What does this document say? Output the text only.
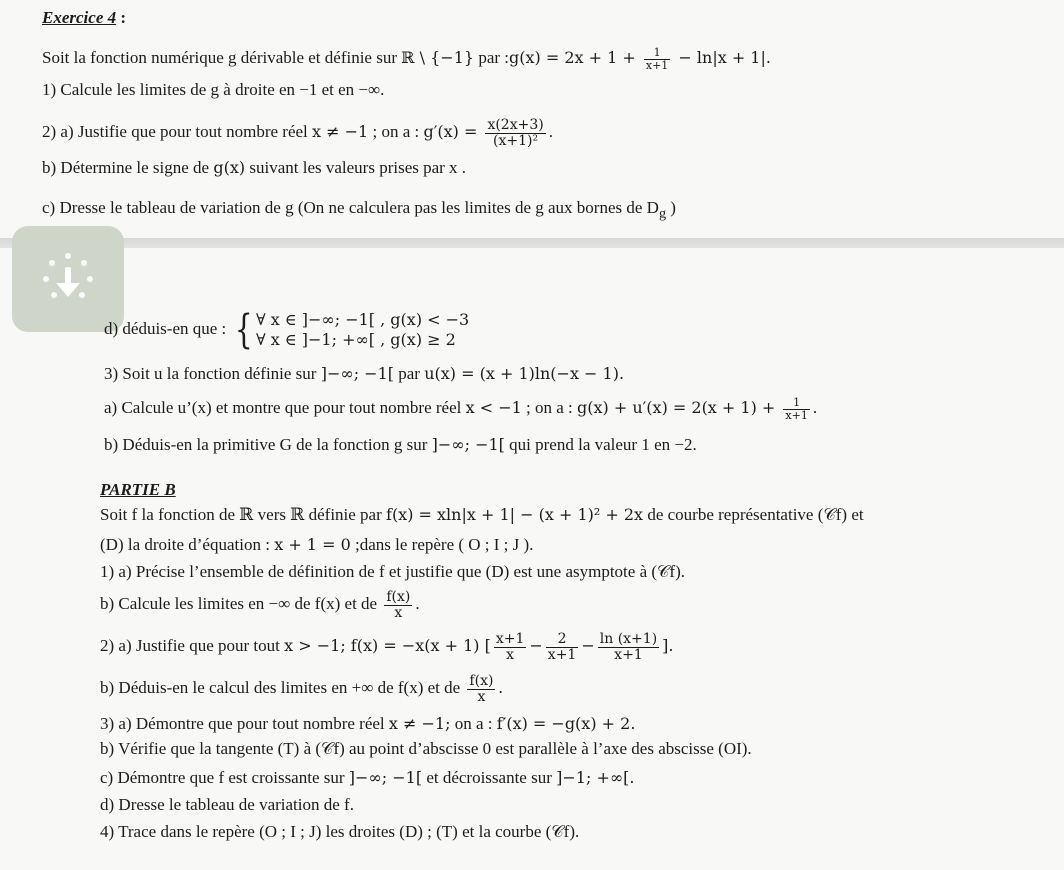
Exercice 4 :
Soit la fonction numérique g dérivable et définie sur ℝ \ {−1} par :g(x) = $2x + 1 + \frac{1}{x+1} - \ln|x + 1|$.
1) Calcule les limites de g à droite en −1 et en −∞.
2) a) Justifie que pour tout nombre réel x ≠ −1 ; on a : $g'(x) = \frac{x(2x+3)}{\text{(x+1)²}}$ .
b) Détermine le signe de g(x) suivant les valeurs prises par x .
c) Dresse le tableau de variation de g (On ne calculera pas les limites de g aux bornes de $D_g$ )
d) déduis-en que : { ∀ x ∈ ]−∞; −1[ , g(x) < −3
∀ x ∈ ]−1; +∞[ , g(x) ≥ 2
3) Soit u la fonction définie sur ]−∞; −1[ par u(x) = (x + 1)ln(−x − 1).
a) Calcule u’(x) et montre que pour tout nombre réel x < −1 ; on a : $g(x) + u'(x) = 2(x + 1) + \frac{1}{x+1}$ .
b) Déduis-en la primitive G de la fonction g sur ]−∞; −1[ qui prend la valeur 1 en −2.
PARTIE B
Soit f la fonction de ℝ vers ℝ définie par f(x) = xln|x + 1| − (x + 1)² + 2x de courbe représentative (𝒞f) et
(D) la droite d’équation : x + 1 = 0 ;dans le repère ( O ; I ; J ).
1) a) Précise l’ensemble de définition de f et justifie que (D) est une asymptote à (𝒞f).
b) Calcule les limites en −∞ de f(x) et de $\frac{f(x)}{x}$ .
2) a) Justifie que pour tout x > −1; f(x) = −x(x + 1) [ $\frac{x+1}{x} - \frac{2}{x+1} - \frac{\ln (x+1)}{x+1}$ ].
b) Déduis-en le calcul des limites en +∞ de f(x) et de $\frac{f(x)}{x}$ .
3) a) Démontre que pour tout nombre réel x ≠ −1; on a : f′(x) = −g(x) + 2.
b) Vérifie que la tangente (T) à (𝒞f) au point d’abscisse 0 est parallèle à l’axe des abscisse (OI).
c) Démontre que f est croissante sur ]−∞; −1[ et décroissante sur ]−1; +∞[.
d) Dresse le tableau de variation de f.
4) Trace dans le repère (O ; I ; J) les droites (D) ; (T) et la courbe (𝒞f).
